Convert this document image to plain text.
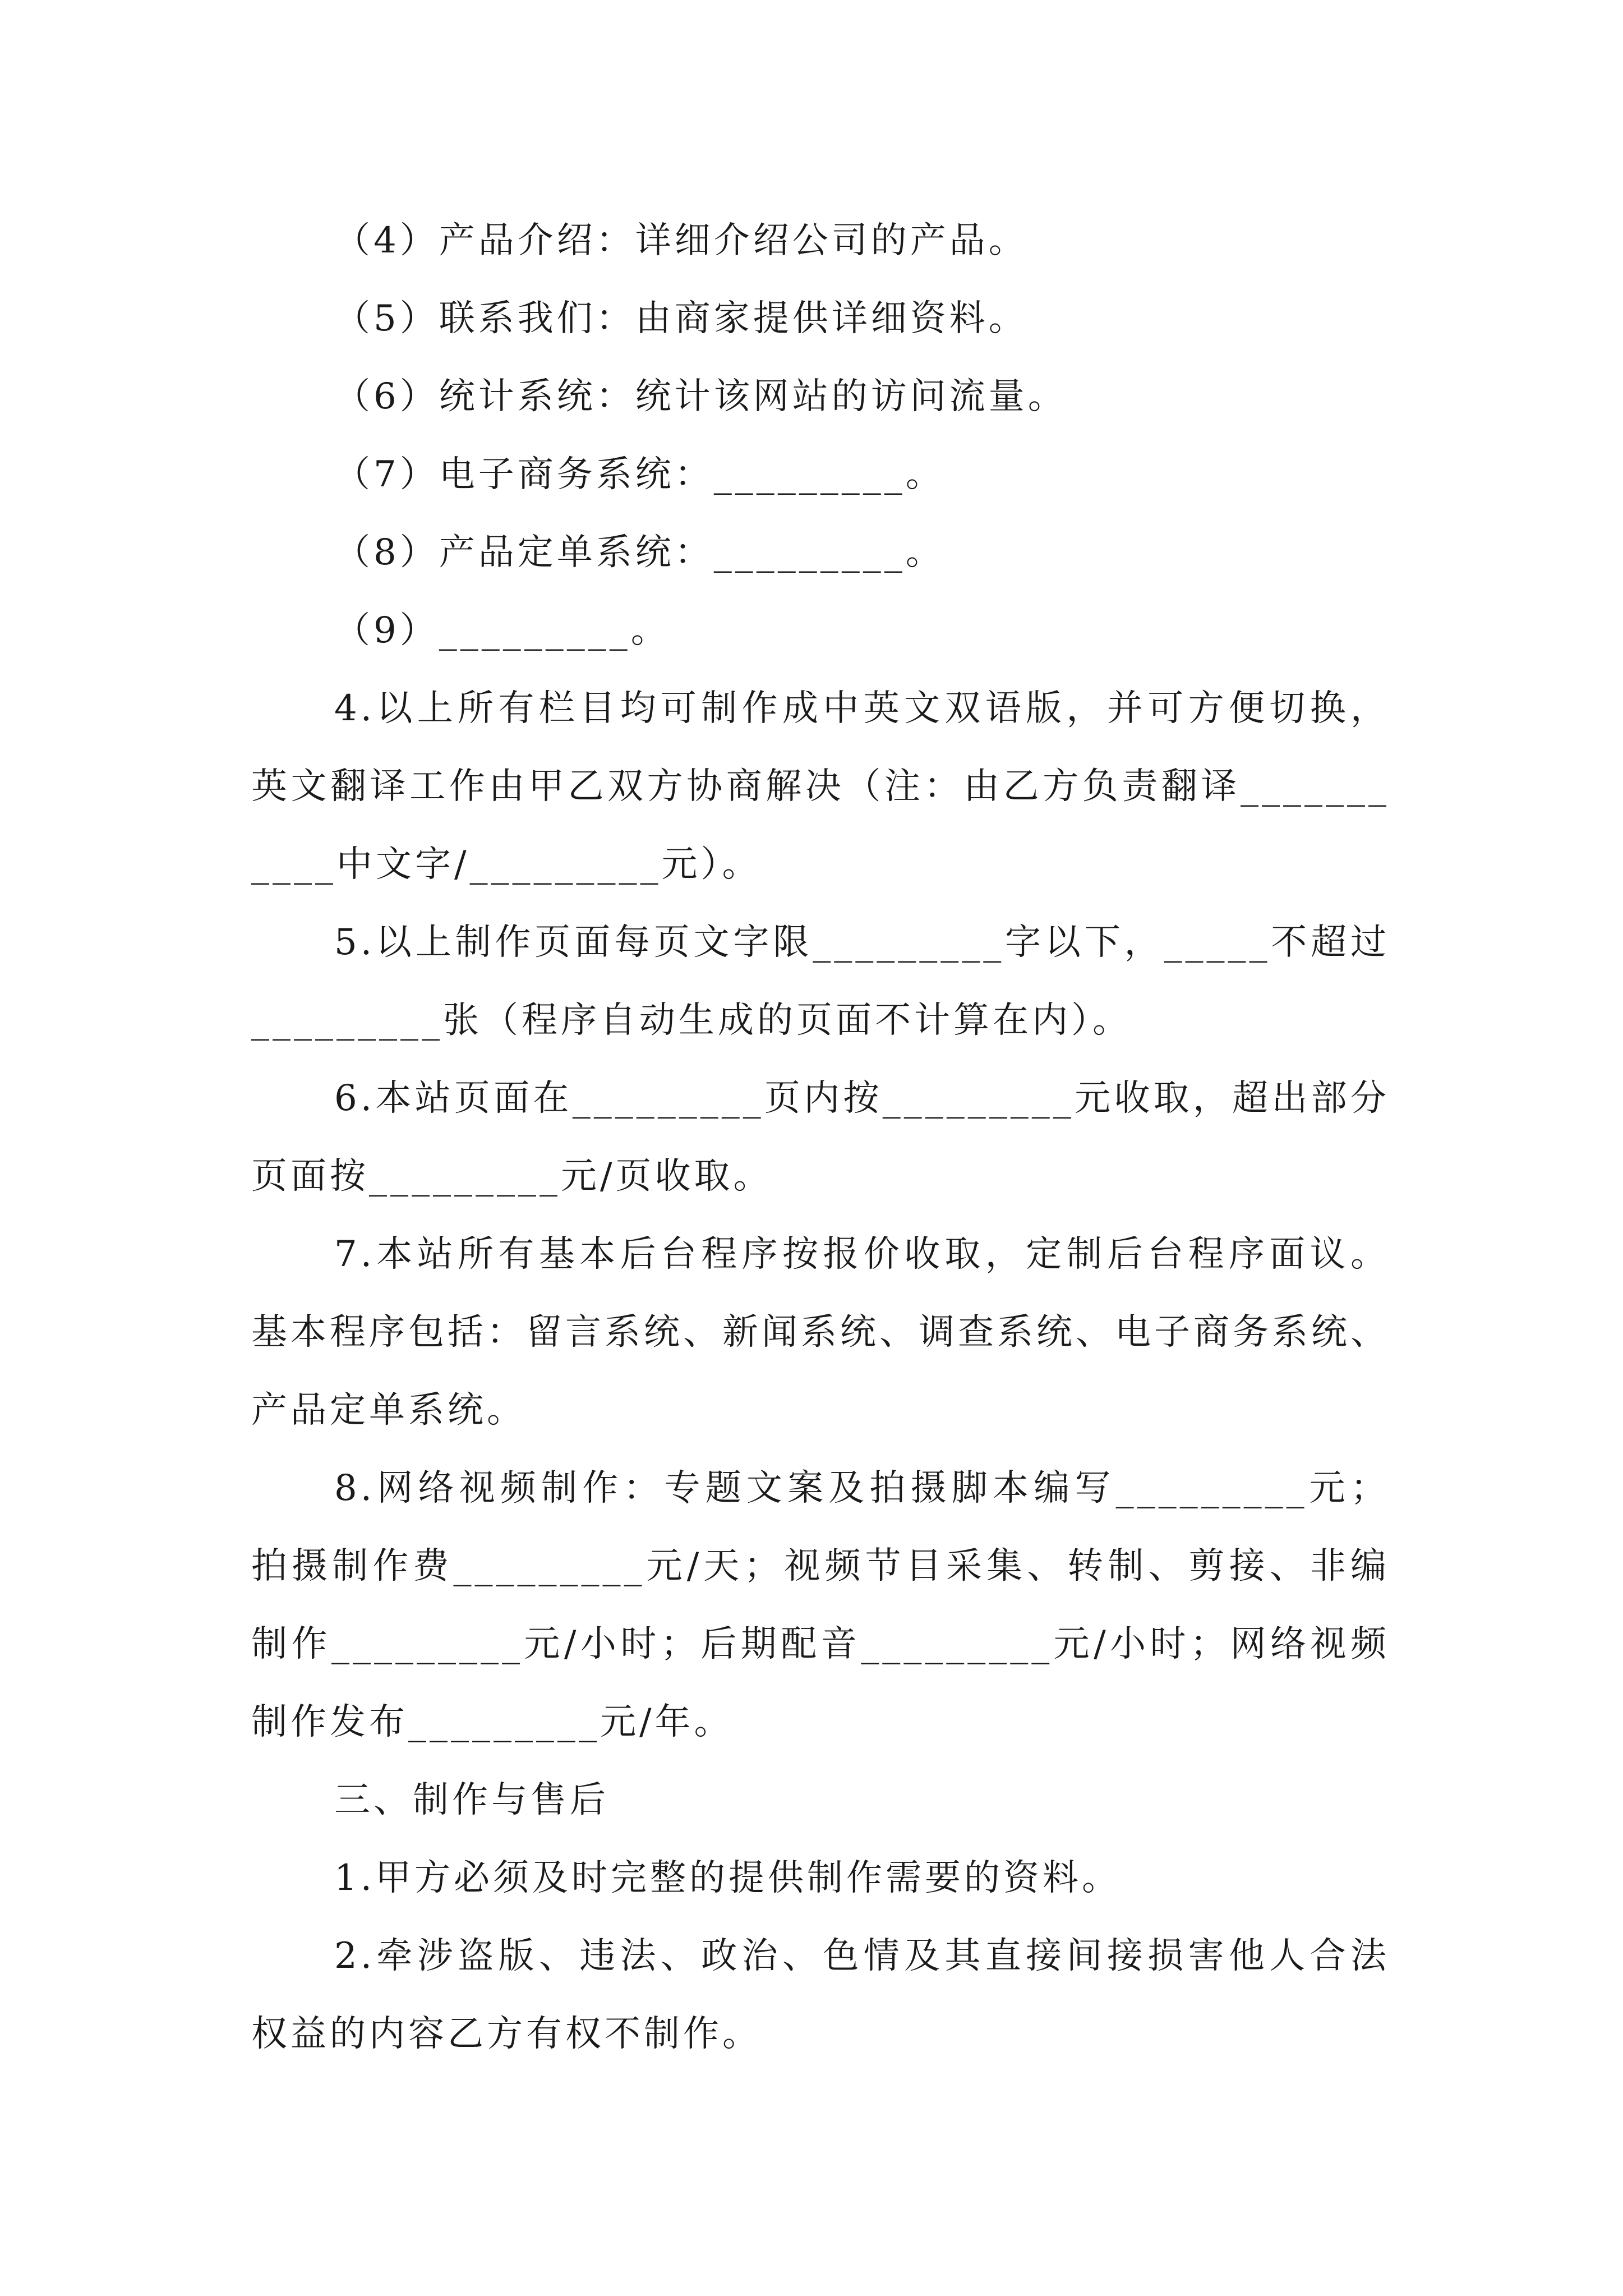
（4）产品介绍：详细介绍公司的产品。

（5）联系我们：由商家提供详细资料。

（6）统计系统：统计该网站的访问流量。

（7）电子商务系统：_________。

（8）产品定单系统：_________。

（9）_________。

4.以上所有栏目均可制作成中英文双语版，并可方便切换，英文翻译工作由甲乙双方协商解决（注：由乙方负责翻译___________中文字/_________元）。

5.以上制作页面每页文字限_________字以下，_____不超过_________张（程序自动生成的页面不计算在内）。

6.本站页面在_________页内按_________元收取，超出部分页面按_________元/页收取。

7.本站所有基本后台程序按报价收取，定制后台程序面议。基本程序包括：留言系统、新闻系统、调查系统、电子商务系统、产品定单系统。

8.网络视频制作：专题文案及拍摄脚本编写_________元；拍摄制作费_________元/天；视频节目采集、转制、剪接、非编制作_________元/小时；后期配音_________元/小时；网络视频制作发布_________元/年。

三、制作与售后

1.甲方必须及时完整的提供制作需要的资料。

2.牵涉盗版、违法、政治、色情及其直接间接损害他人合法权益的内容乙方有权不制作。
